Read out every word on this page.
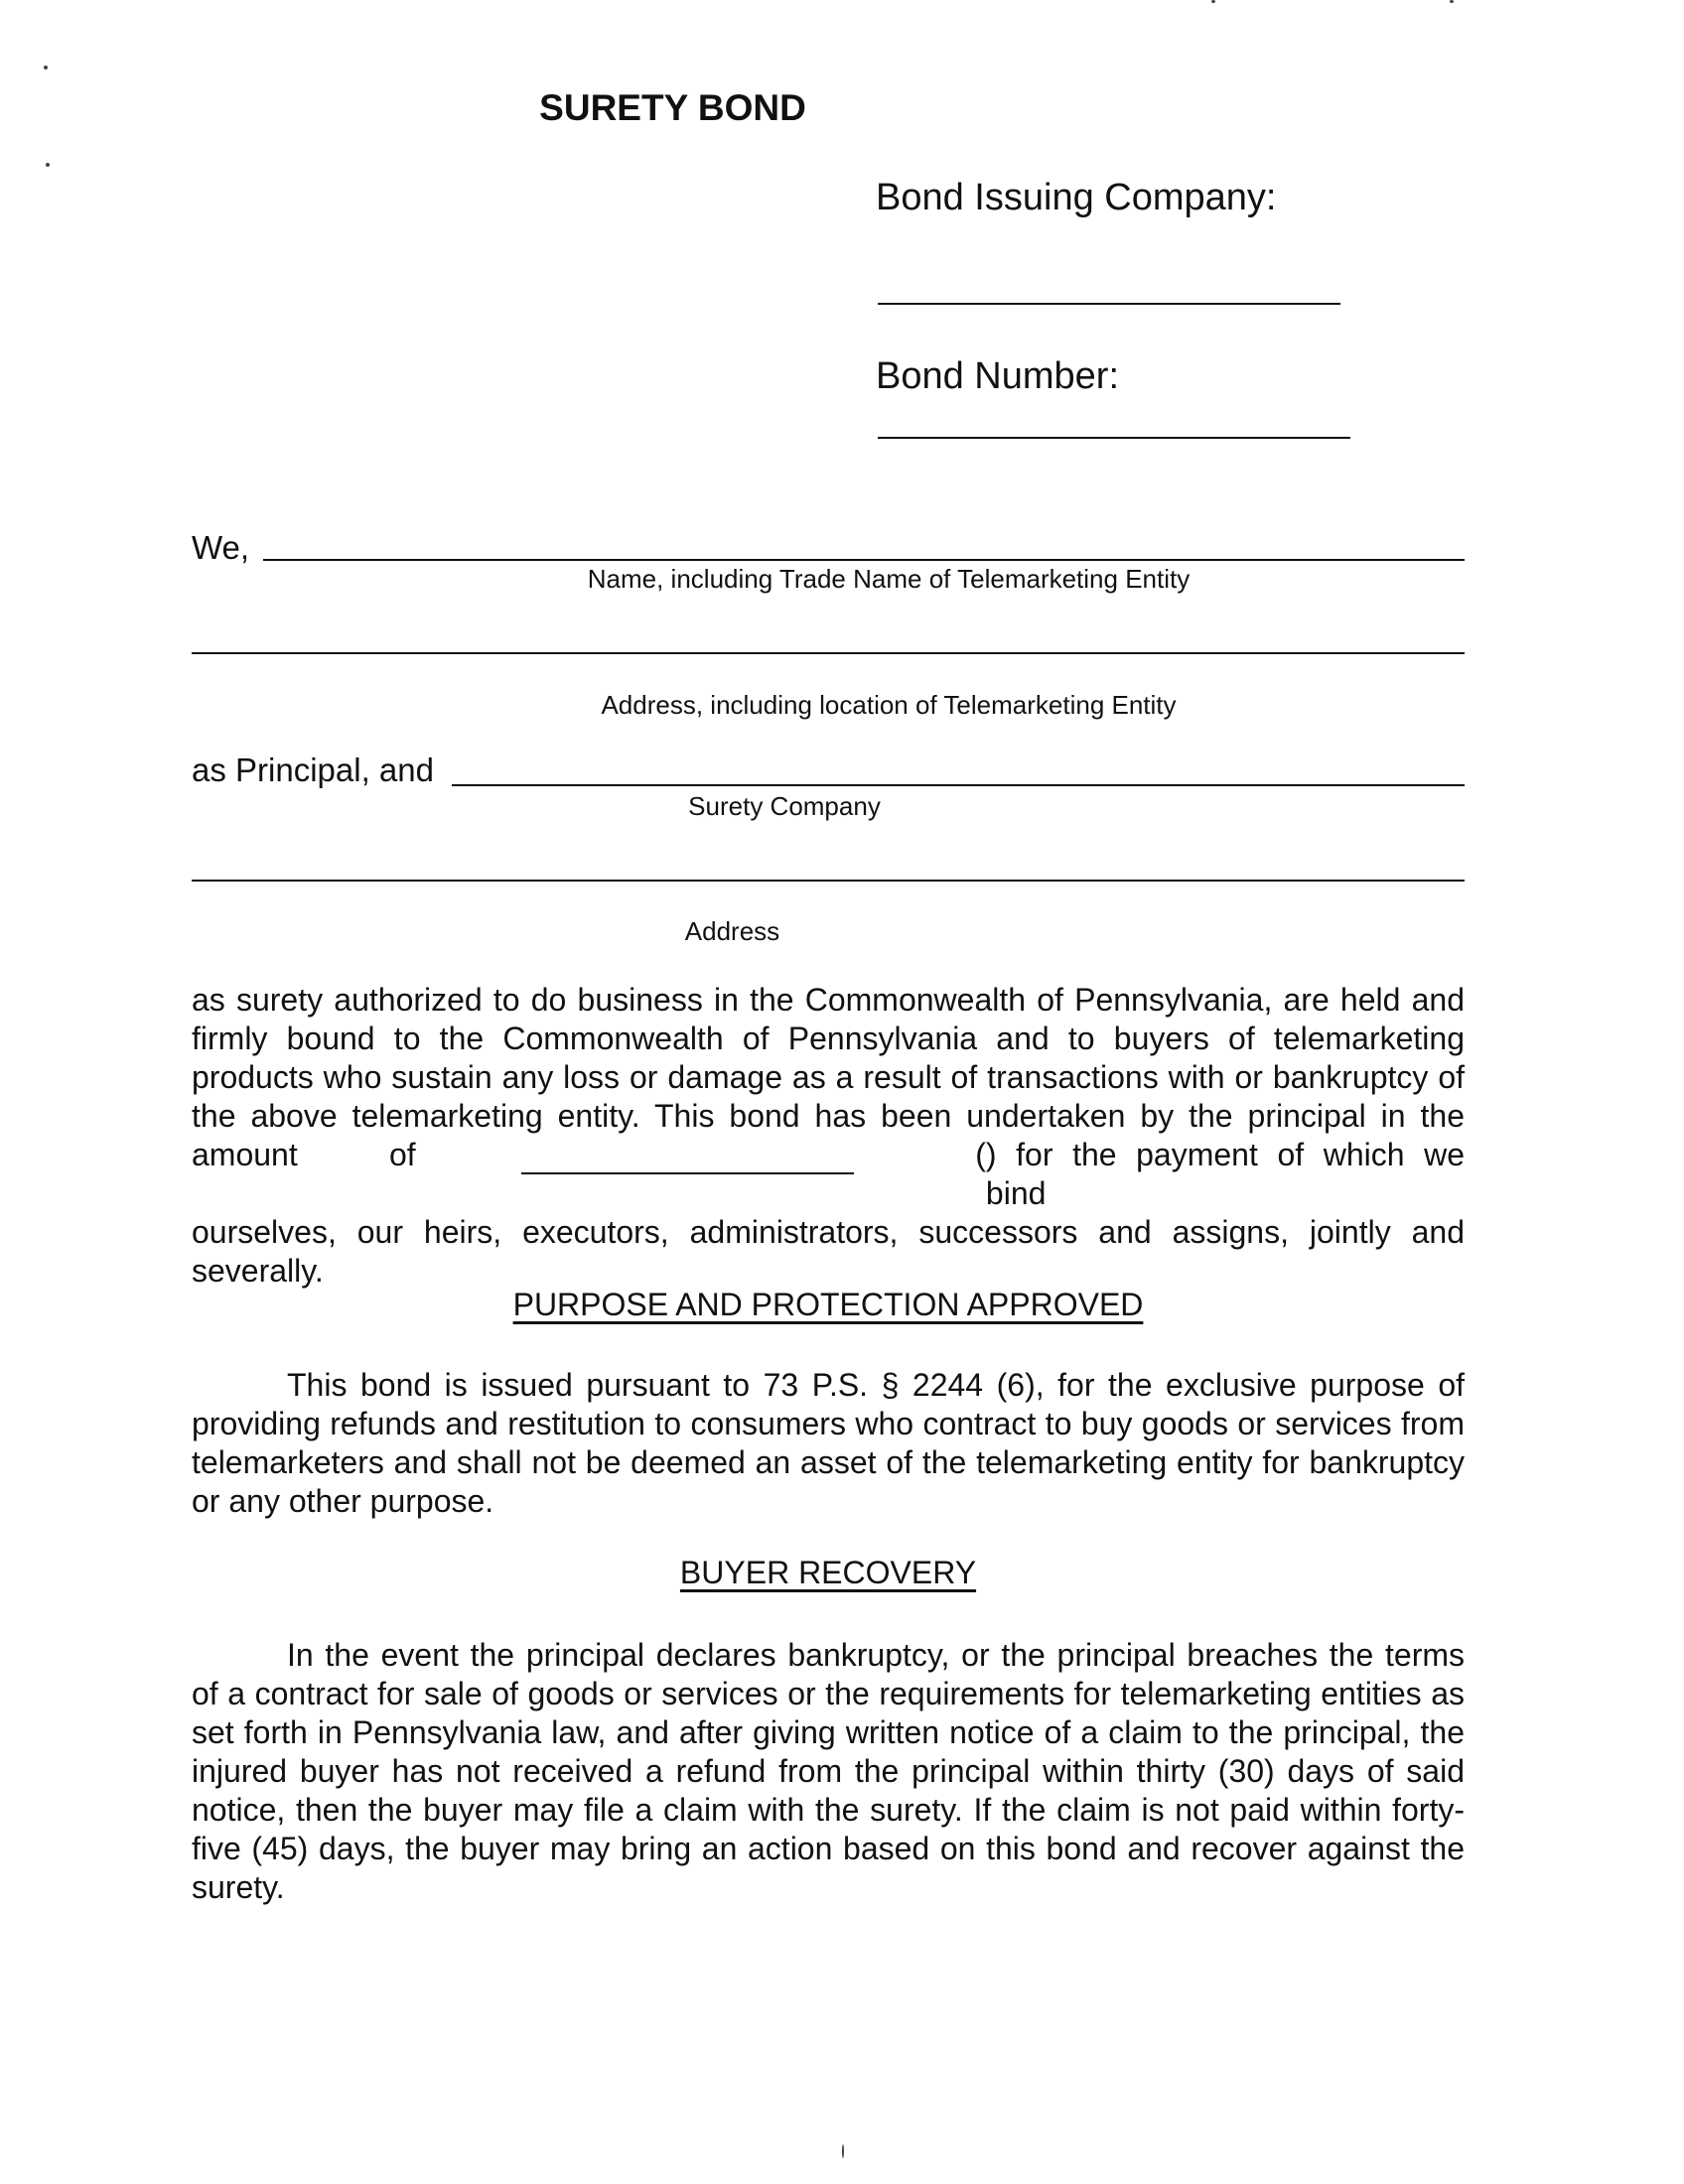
SURETY BOND
Bond Issuing Company:
Bond Number:
We,
Name, including Trade Name of Telemarketing Entity
Address, including location of Telemarketing Entity
as Principal, and
Surety Company
Address
as surety authorized to do business in the Commonwealth of Pennsylvania, are held and firmly bound to the Commonwealth of Pennsylvania and to buyers of telemarketing products who sustain any loss or damage as a result of transactions with or bankruptcy of the above telemarketing entity. This bond has been undertaken by the principal in the
amount of	( ) for the payment of which we bind
ourselves, our heirs, executors, administrators, successors and assigns, jointly and severally.
PURPOSE AND PROTECTION APPROVED
This bond is issued pursuant to 73 P.S. § 2244 (6), for the exclusive purpose of providing refunds and restitution to consumers who contract to buy goods or services from telemarketers and shall not be deemed an asset of the telemarketing entity for bankruptcy or any other purpose.
BUYER RECOVERY
In the event the principal declares bankruptcy, or the principal breaches the terms of a contract for sale of goods or services or the requirements for telemarketing entities as set forth in Pennsylvania law, and after giving written notice of a claim to the principal, the injured buyer has not received a refund from the principal within thirty (30) days of said notice, then the buyer may file a claim with the surety. If the claim is not paid within forty-five (45) days, the buyer may bring an action based on this bond and recover against the surety.
